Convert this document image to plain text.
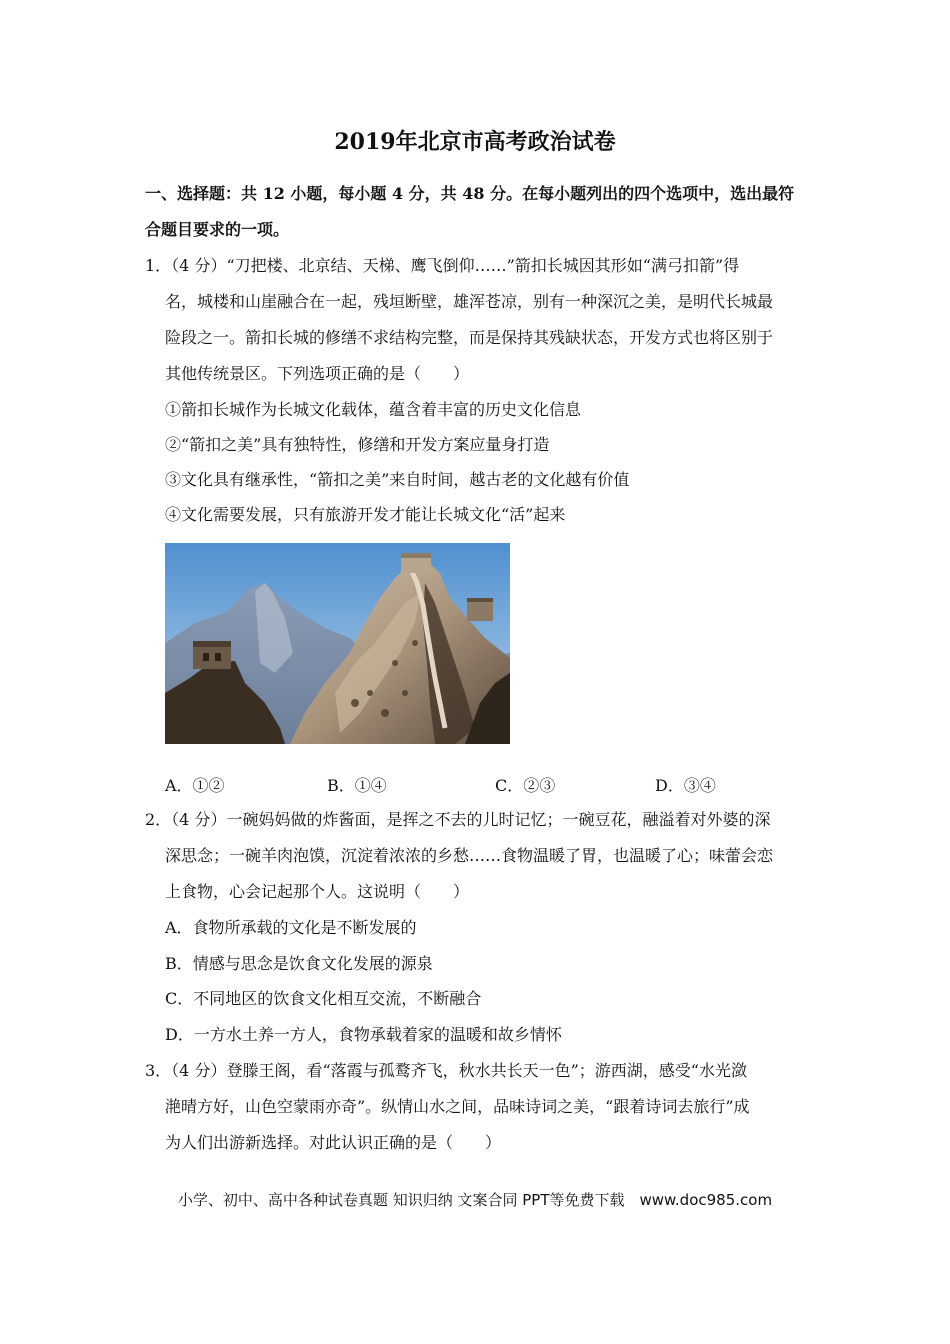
2019年北京市高考政治试卷
一、选择题：共 12 小题，每小题 4 分，共 48 分。在每小题列出的四个选项中，选出最符
合题目要求的一项。
1．（4 分）“刀把楼、北京结、天梯、鹰飞倒仰……”箭扣长城因其形如“满弓扣箭”得
名，城楼和山崖融合在一起，残垣断壁，雄浑苍凉，别有一种深沉之美，是明代长城最
险段之一。箭扣长城的修缮不求结构完整，而是保持其残缺状态，开发方式也将区别于
其他传统景区。下列选项正确的是（　　）
①箭扣长城作为长城文化载体，蕴含着丰富的历史文化信息
②“箭扣之美”具有独特性，修缮和开发方案应量身打造
③文化具有继承性，“箭扣之美”来自时间，越古老的文化越有价值
④文化需要发展，只有旅游开发才能让长城文化“活”起来
A．①②	B．①④	C．②③	D．③④
2．（4 分）一碗妈妈做的炸酱面，是挥之不去的儿时记忆；一碗豆花，融溢着对外婆的深
深思念；一碗羊肉泡馍，沉淀着浓浓的乡愁……食物温暖了胃，也温暖了心；味蕾会恋
上食物，心会记起那个人。这说明（　　）
A．食物所承载的文化是不断发展的
B．情感与思念是饮食文化发展的源泉
C．不同地区的饮食文化相互交流，不断融合
D．一方水土养一方人，食物承载着家的温暖和故乡情怀
3．（4 分）登滕王阁，看“落霞与孤鹜齐飞，秋水共长天一色”；游西湖，感受“水光潋
滟晴方好，山色空蒙雨亦奇”。纵情山水之间，品味诗词之美，“跟着诗词去旅行”成
为人们出游新选择。对此认识正确的是（　　）
小学、初中、高中各种试卷真题 知识归纳 文案合同 PPT等免费下载　www.doc985.com
